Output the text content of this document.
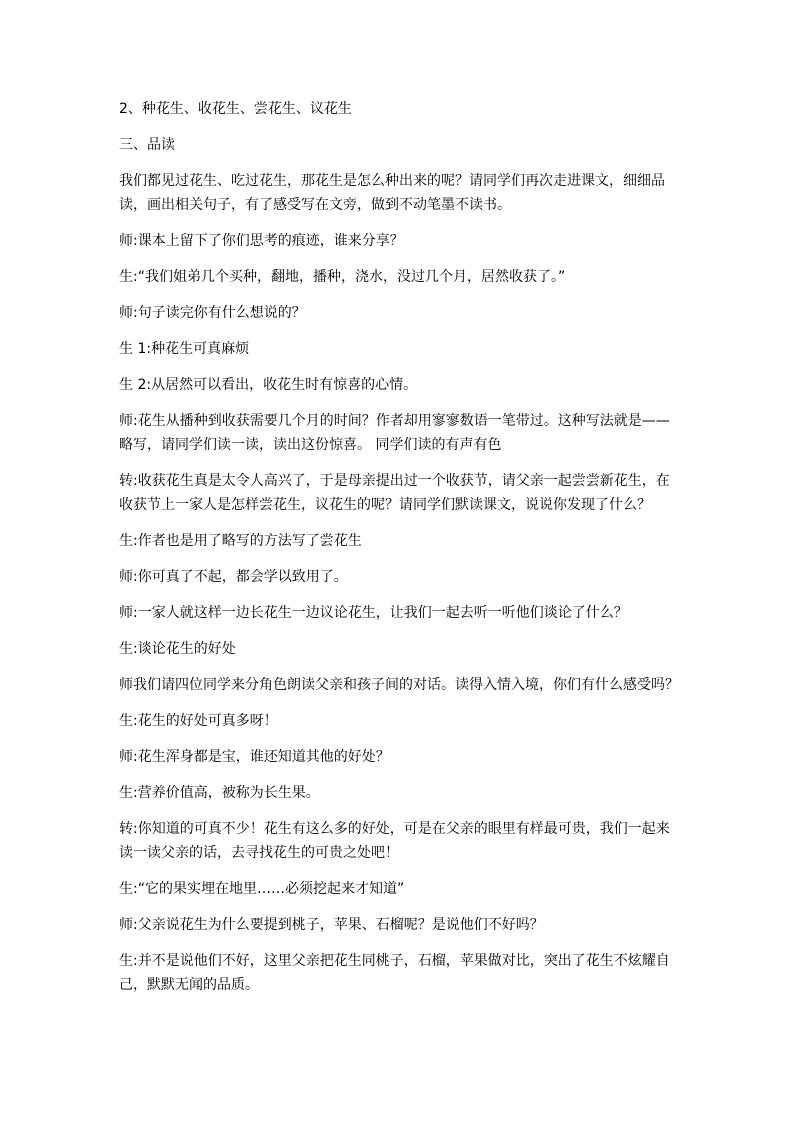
2、种花生、收花生、尝花生、议花生

三、品读

我们都见过花生、吃过花生，那花生是怎么种出来的呢？请同学们再次走进课文，细细品读，画出相关句子，有了感受写在文旁，做到不动笔墨不读书。

师:课本上留下了你们思考的痕迹，谁来分享？

生:“我们姐弟几个买种，翻地，播种，浇水，没过几个月，居然收获了。”

师:句子读完你有什么想说的？

生 1:种花生可真麻烦

生 2:从居然可以看出，收花生时有惊喜的心情。

师:花生从播种到收获需要几个月的时间？作者却用寥寥数语一笔带过。这种写法就是——略写，请同学们读一读，读出这份惊喜。 同学们读的有声有色

转:收获花生真是太令人高兴了，于是母亲提出过一个收获节，请父亲一起尝尝新花生，在收获节上一家人是怎样尝花生，议花生的呢？请同学们默读课文，说说你发现了什么？

生:作者也是用了略写的方法写了尝花生

师:你可真了不起，都会学以致用了。

师:一家人就这样一边长花生一边议论花生，让我们一起去听一听他们谈论了什么？

生:谈论花生的好处

师我们请四位同学来分角色朗读父亲和孩子间的对话。读得入情入境，你们有什么感受吗？

生:花生的好处可真多呀！

师:花生浑身都是宝，谁还知道其他的好处？

生:营养价值高，被称为长生果。

转:你知道的可真不少！花生有这么多的好处，可是在父亲的眼里有样最可贵，我们一起来读一读父亲的话，去寻找花生的可贵之处吧！

生:“它的果实埋在地里……必须挖起来才知道”

师:父亲说花生为什么要提到桃子，苹果、石榴呢？是说他们不好吗？

生:并不是说他们不好，这里父亲把花生同桃子，石榴，苹果做对比，突出了花生不炫耀自己，默默无闻的品质。
